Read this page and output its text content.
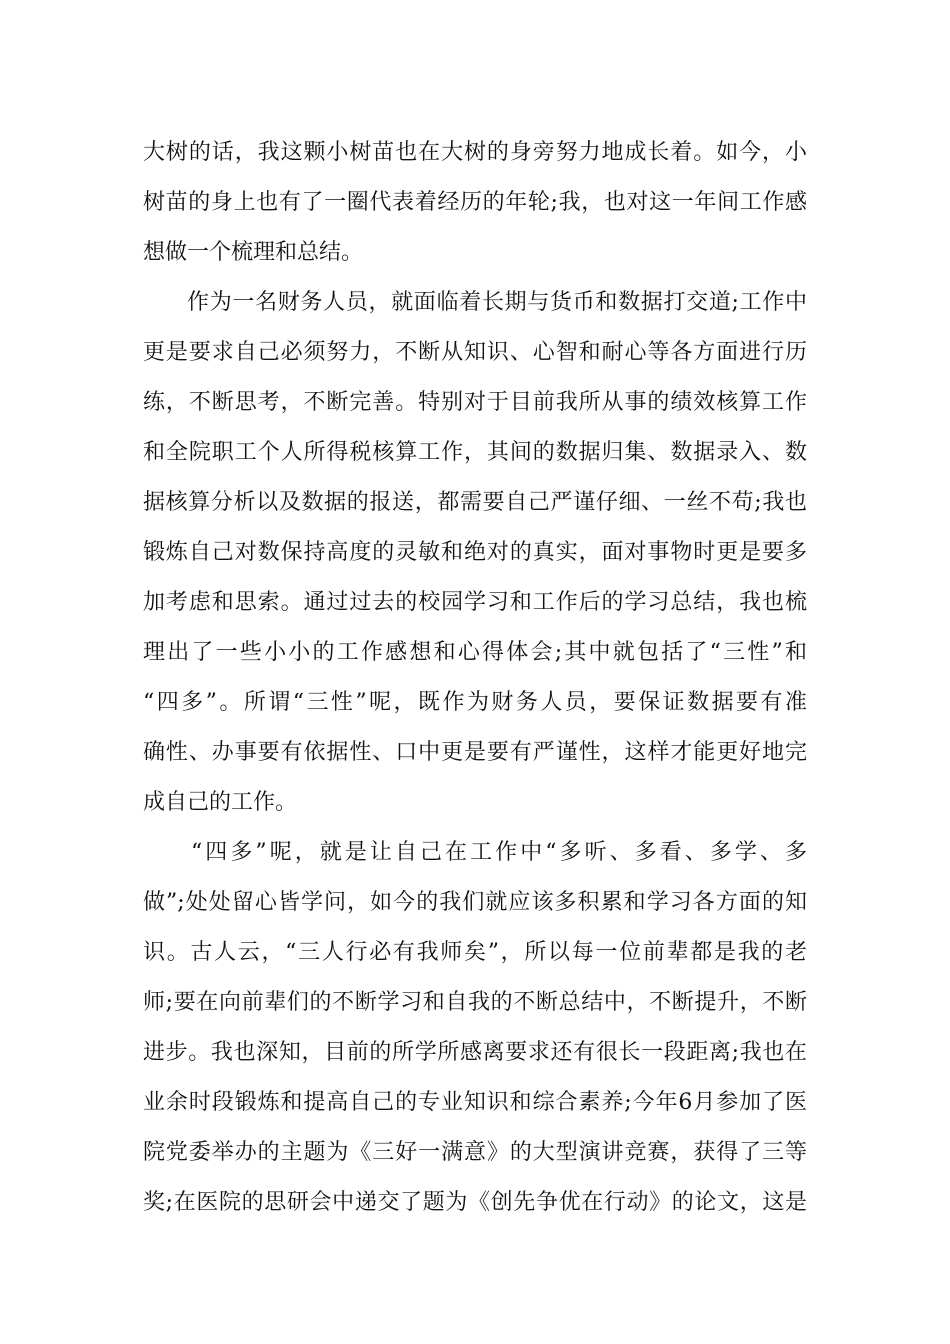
大树的话，我这颗小树苗也在大树的身旁努力地成长着。如今，小
树苗的身上也有了一圈代表着经历的年轮;我，也对这一年间工作感
想做一个梳理和总结。
作为一名财务人员，就面临着长期与货币和数据打交道;工作中
更是要求自己必须努力，不断从知识、心智和耐心等各方面进行历
练，不断思考，不断完善。特别对于目前我所从事的绩效核算工作
和全院职工个人所得税核算工作，其间的数据归集、数据录入、数
据核算分析以及数据的报送，都需要自己严谨仔细、一丝不苟;我也
锻炼自己对数保持高度的灵敏和绝对的真实，面对事物时更是要多
加考虑和思索。通过过去的校园学习和工作后的学习总结，我也梳
理出了一些小小的工作感想和心得体会;其中就包括了“三性”和
“四多”。所谓“三性”呢，既作为财务人员，要保证数据要有准
确性、办事要有依据性、口中更是要有严谨性，这样才能更好地完
成自己的工作。
“四多”呢，就是让自己在工作中“多听、多看、多学、多
做”;处处留心皆学问，如今的我们就应该多积累和学习各方面的知
识。古人云，“三人行必有我师矣”，所以每一位前辈都是我的老
师;要在向前辈们的不断学习和自我的不断总结中，不断提升，不断
进步。我也深知，目前的所学所感离要求还有很长一段距离;我也在
业余时段锻炼和提高自己的专业知识和综合素养;今年6月参加了医
院党委举办的主题为《三好一满意》的大型演讲竞赛，获得了三等
奖;在医院的思研会中递交了题为《创先争优在行动》的论文，这是
